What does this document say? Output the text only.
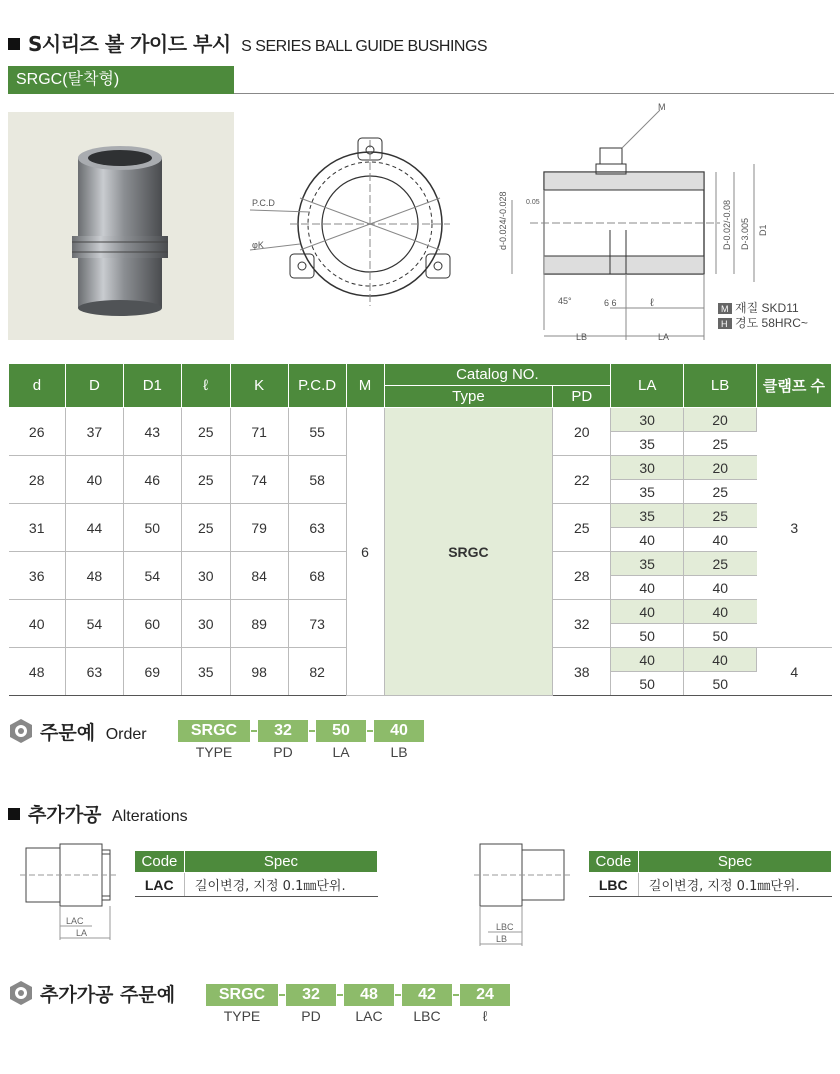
S시리즈 볼 가이드 부시 S SERIES BALL GUIDE BUSHINGS
SRGC(탈착형)
P.C.D
φK
M
d-0.024/-0.028	D-0.02/-0.08 D-3.005 D1
0.05
45°	6 6	ℓ
LB	LA
M 재질 SKD11
H 경도 58HRC~
d	D	D1	ℓ	K	P.C.D	M	Catalog NO.		LA	LB	클램프 수
							Type	PD			
26	37	43	25	71	55	6	SRGC	20	30	20	3
									35	25	
28	40	46	25	74	58			22	30	20	
									35	25	
31	44	50	25	79	63			25	35	25	
									40	40	
36	48	54	30	84	68			28	35	25	
									40	40	
40	54	60	30	89	73			32	40	40	
									50	50	
48	63	69	35	98	82			38	40	40	4
									50	50	
주문예 Order	SRGC
TYPE
32
PD
50
LA
40
LB
추가가공 Alterations
LAC
LA
Code	Spec
LAC	길이변경, 지정 0.1㎜단위.
LBC
LB
Code	Spec
LBC	길이변경, 지정 0.1㎜단위.
추가가공 주문예	SRGC
TYPE
32
PD
48
LAC
42
LBC
24
ℓ
